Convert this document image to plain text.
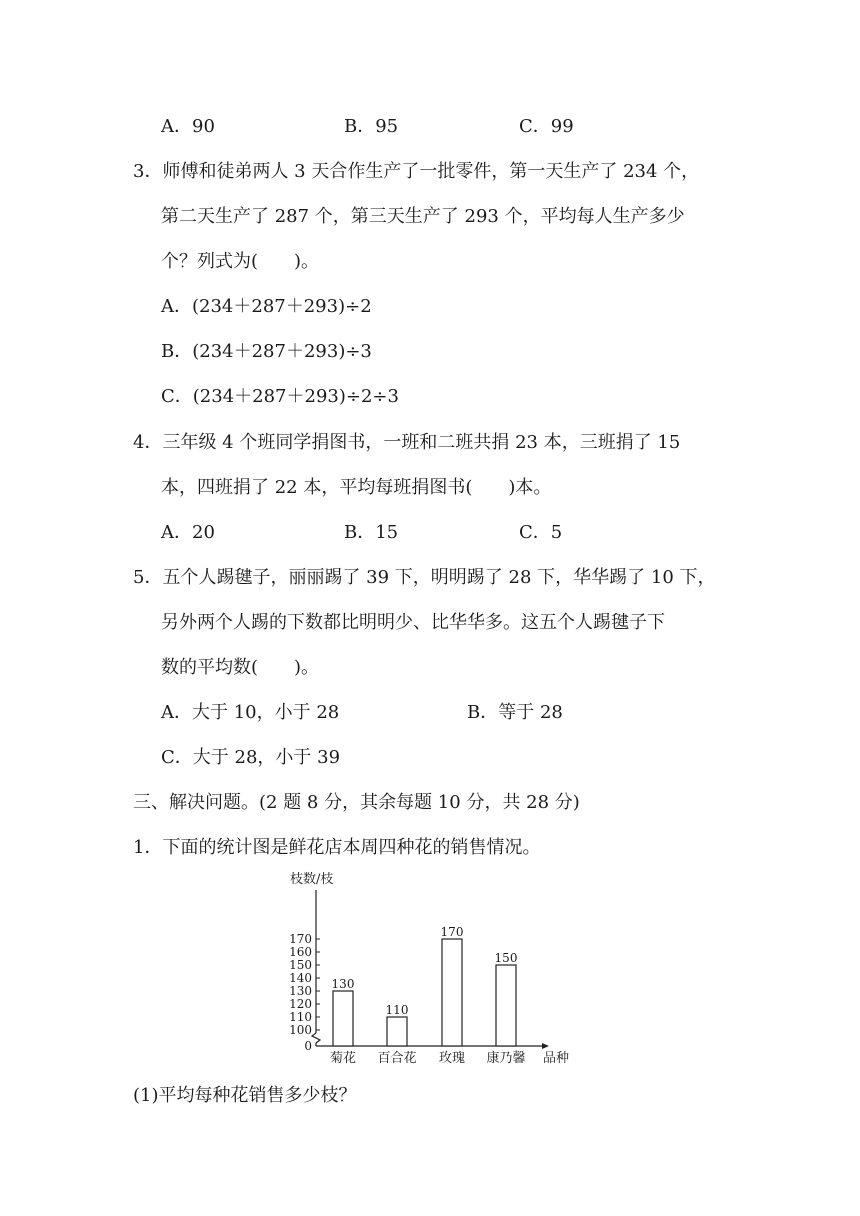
A．90	B．95	C．99
3．师傅和徒弟两人 3 天合作生产了一批零件，第一天生产了 234 个，
第二天生产了 287 个，第三天生产了 293 个，平均每人生产多少
个？列式为(　　)。
A．(234＋287＋293)÷2
B．(234＋287＋293)÷3
C．(234＋287＋293)÷2÷3
4．三年级 4 个班同学捐图书，一班和二班共捐 23 本，三班捐了 15
本，四班捐了 22 本，平均每班捐图书(　　)本。
A．20	B．15	C．5
5．五个人踢毽子，丽丽踢了 39 下，明明踢了 28 下，华华踢了 10 下，
另外两个人踢的下数都比明明少、比华华多。这五个人踢毽子下
数的平均数(　　)。
A．大于 10，小于 28	B．等于 28
C．大于 28，小于 39
三、解决问题。(2 题 8 分，其余每题 10 分，共 28 分)
1．下面的统计图是鲜花店本周四种花的销售情况。
枝数/枝
品种
0
100
110
120
130
140
150
160
170
130
菊花
110
百合花
170
玫瑰
150
康乃馨
(1)平均每种花销售多少枝？
